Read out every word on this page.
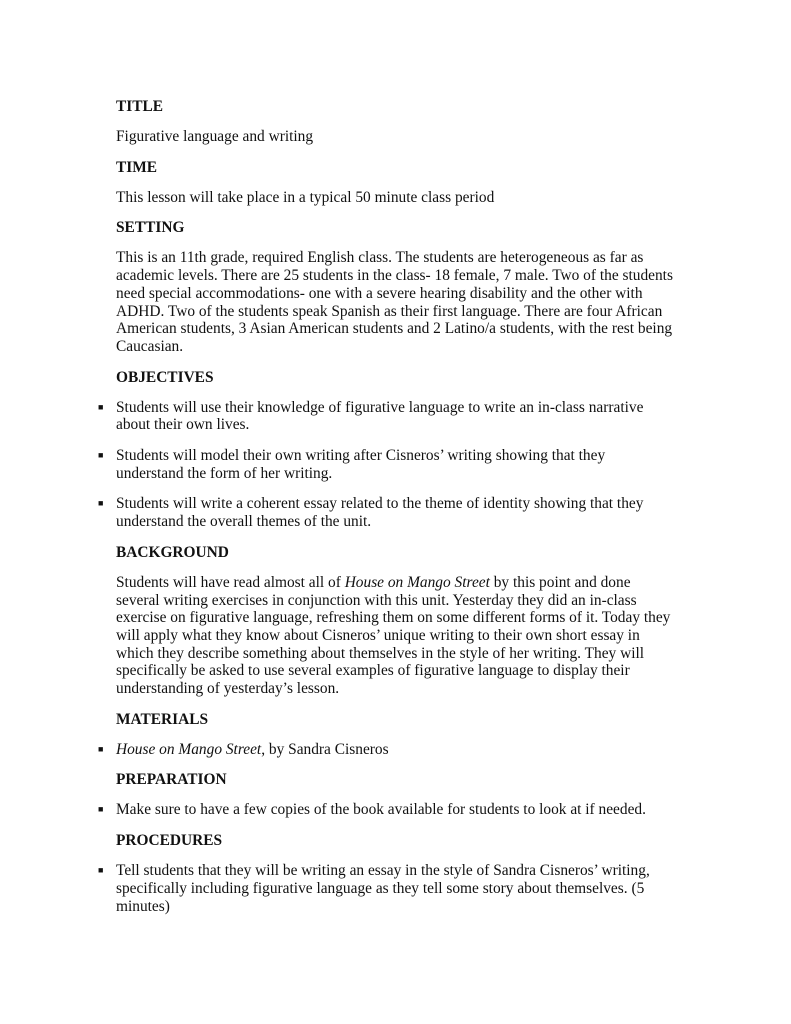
TITLE
Figurative language and writing
TIME
This lesson will take place in a typical 50 minute class period
SETTING
This is an 11th grade, required English class. The students are heterogeneous as far as academic levels. There are 25 students in the class- 18 female, 7 male. Two of the students need special accommodations- one with a severe hearing disability and the other with ADHD. Two of the students speak Spanish as their first language. There are four African American students, 3 Asian American students and 2 Latino/a students, with the rest being Caucasian.
OBJECTIVES
■ Students will use their knowledge of figurative language to write an in-class narrative about their own lives.
■ Students will model their own writing after Cisneros’ writing showing that they understand the form of her writing.
■ Students will write a coherent essay related to the theme of identity showing that they understand the overall themes of the unit.
BACKGROUND
Students will have read almost all of House on Mango Street by this point and done several writing exercises in conjunction with this unit. Yesterday they did an in-class exercise on figurative language, refreshing them on some different forms of it. Today they will apply what they know about Cisneros’ unique writing to their own short essay in which they describe something about themselves in the style of her writing. They will specifically be asked to use several examples of figurative language to display their understanding of yesterday’s lesson.
MATERIALS
■ House on Mango Street, by Sandra Cisneros
PREPARATION
■ Make sure to have a few copies of the book available for students to look at if needed.
PROCEDURES
■ Tell students that they will be writing an essay in the style of Sandra Cisneros’ writing, specifically including figurative language as they tell some story about themselves. (5 minutes)
